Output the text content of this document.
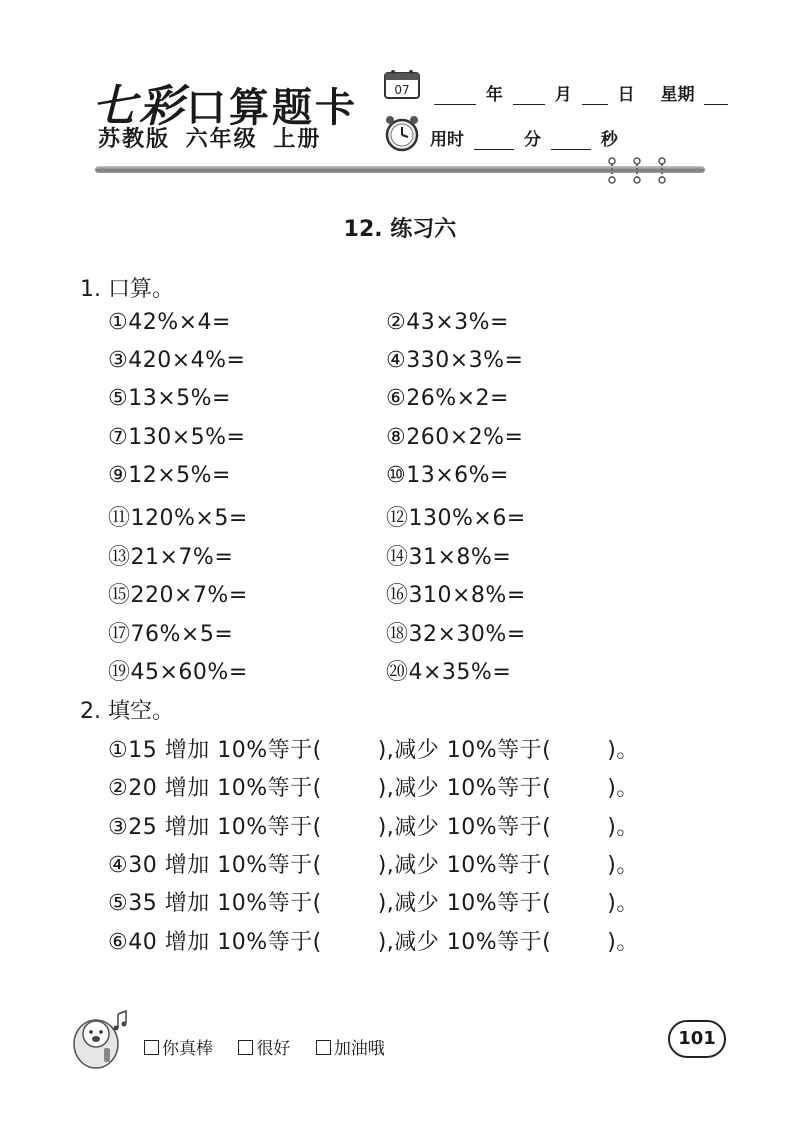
七彩口算题卡
苏教版 六年级 上册
07	年	月	日 星期
用时	分	秒
12. 练习六
1. 口算。
①42%×4=	②43×3%=
③420×4%=	④330×3%=
⑤13×5%=	⑥26%×2=
⑦130×5%=	⑧260×2%=
⑨12×5%=	⑩13×6%=
⑪120%×5=	⑫130%×6=
⑬21×7%=	⑭31×8%=
⑮220×7%=	⑯310×8%=
⑰76%×5=	⑱32×30%=
⑲45×60%=	⑳4×35%=
2. 填空。
①15 增加 10%等于(	),减少 10%等于(	)。
②20 增加 10%等于(	),减少 10%等于(	)。
③25 增加 10%等于(	),减少 10%等于(	)。
④30 增加 10%等于(	),减少 10%等于(	)。
⑤35 增加 10%等于(	),减少 10%等于(	)。
⑥40 增加 10%等于(	),减少 10%等于(	)。
你真棒	很好	加油哦	101
